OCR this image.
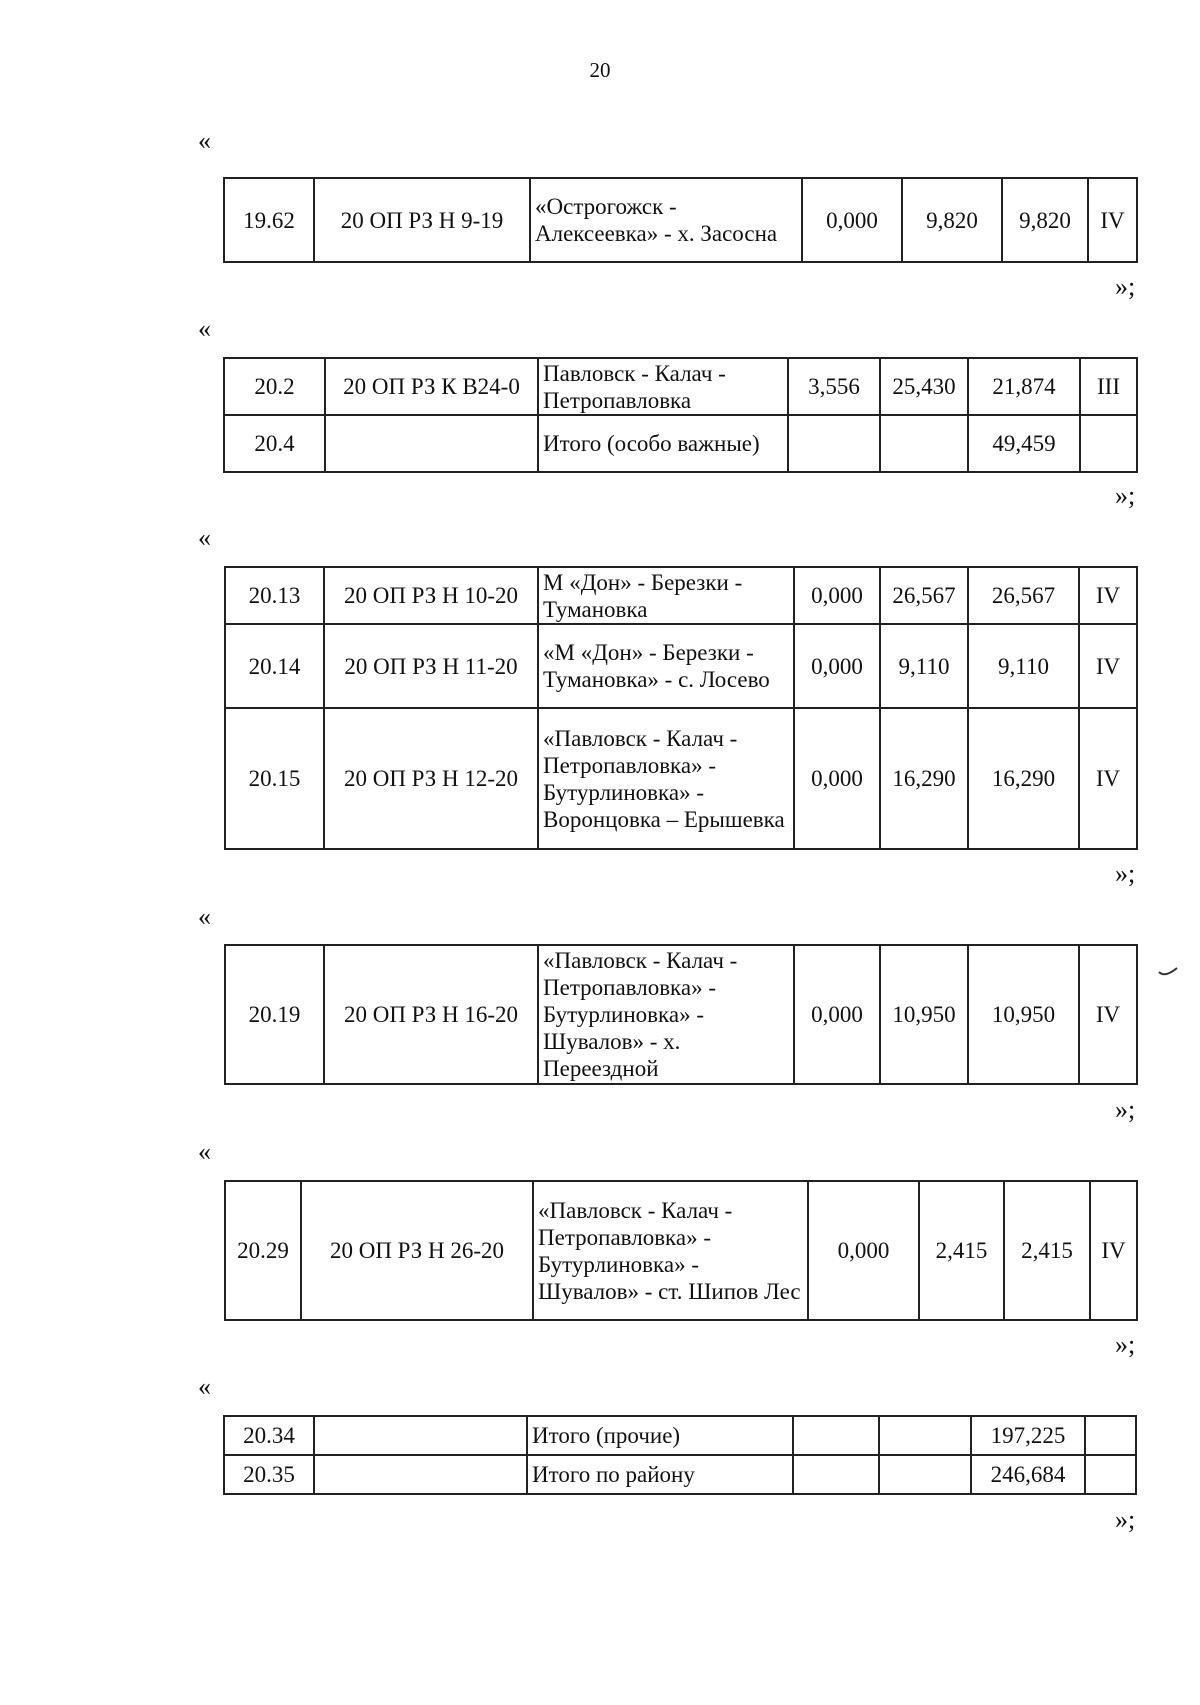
20
«
19.62	20 ОП РЗ Н 9-19	«Острогожск - Алексеевка» - х. Засосна	0,000	9,820	9,820	IV
»;
«
20.2	20 ОП РЗ К В24-0	Павловск - Калач - Петропавловка	3,556	25,430	21,874	III
20.4		Итого (особо важные)			49,459	
»;
«
20.13	20 ОП РЗ Н 10-20	М «Дон» - Березки - Тумановка	0,000	26,567	26,567	IV
20.14	20 ОП РЗ Н 11-20	«М «Дон» - Березки - Тумановка» - с. Лосево	0,000	9,110	9,110	IV
20.15	20 ОП РЗ Н 12-20	«Павловск - Калач - Петропавловка» - Бутурлиновка» - Воронцовка – Ерышевка	0,000	16,290	16,290	IV
»;
«
20.19	20 ОП РЗ Н 16-20	«Павловск - Калач - Петропавловка» - Бутурлиновка» - Шувалов» - х. Переездной	0,000	10,950	10,950	IV
»;
«
20.29	20 ОП РЗ Н 26-20	«Павловск - Калач - Петропавловка» - Бутурлиновка» - Шувалов» - ст. Шипов Лес	0,000	2,415	2,415	IV
»;
«
20.34		Итого (прочие)			197,225	
20.35		Итого по району			246,684	
»;
